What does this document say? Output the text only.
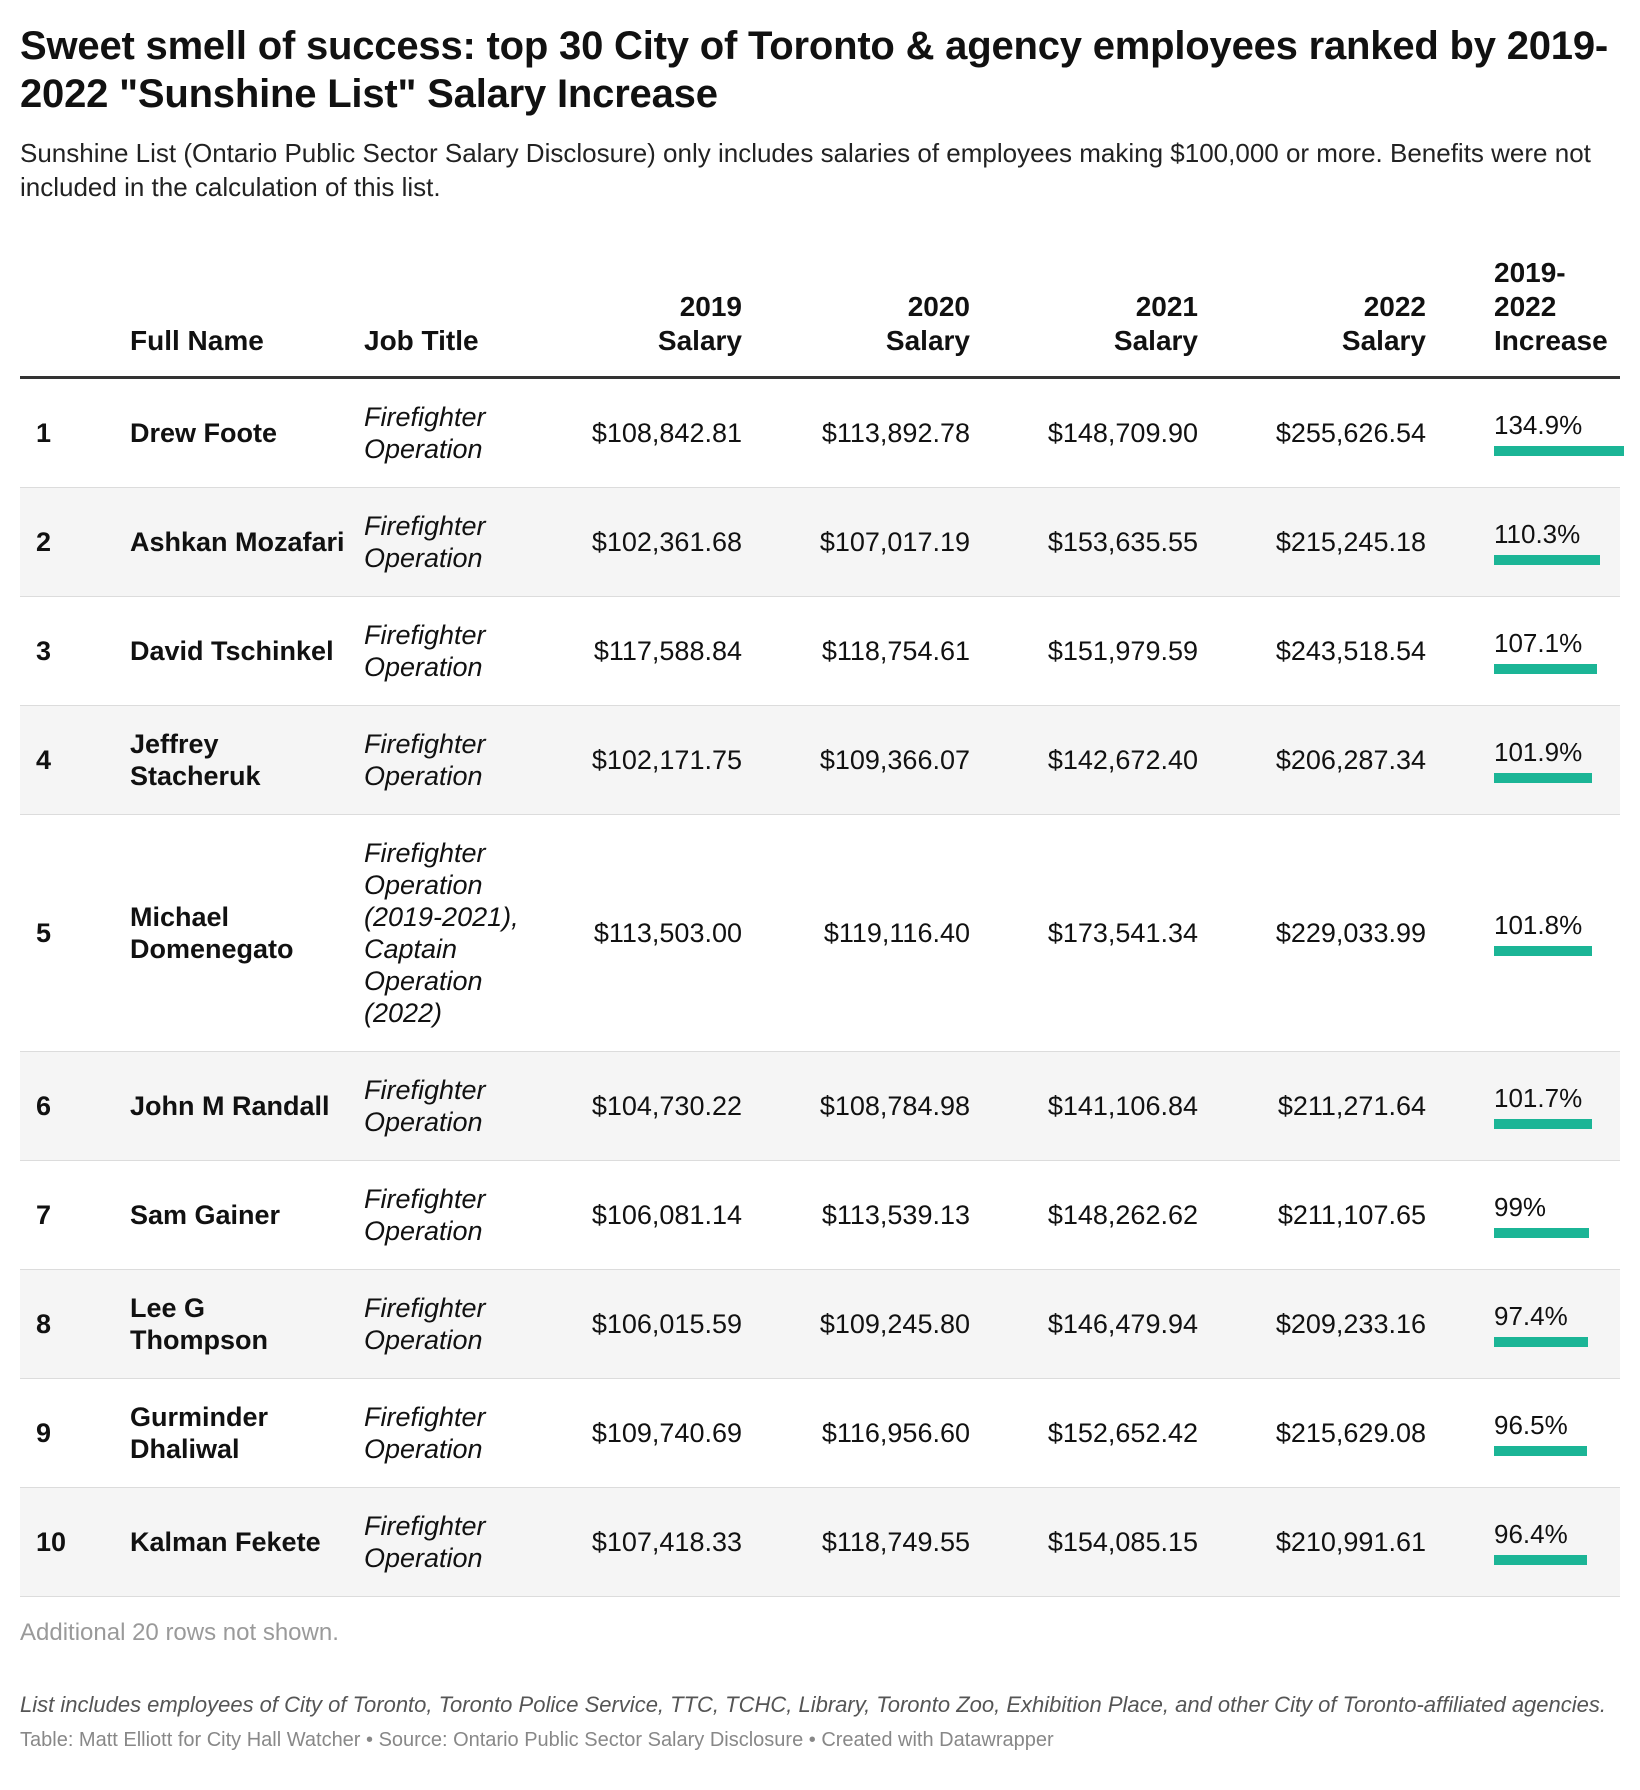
Sweet smell of success: top 30 City of Toronto & agency employees ranked by 2019-2022 "Sunshine List" Salary Increase

Sunshine List (Ontario Public Sector Salary Disclosure) only includes salaries of employees making $100,000 or more. Benefits were not included in the calculation of this list.

	Full Name	Job Title	2019 Salary	2020 Salary	2021 Salary	2022 Salary	2019-2022 Increase
1	Drew Foote	Firefighter Operation	$108,842.81	$113,892.78	$148,709.90	$255,626.54	134.9%

2	Ashkan Mozafari	Firefighter Operation	$102,361.68	$107,017.19	$153,635.55	$215,245.18	110.3%

3	David Tschinkel	Firefighter Operation	$117,588.84	$118,754.61	$151,979.59	$243,518.54	107.1%

4	Jeffrey Stacheruk	Firefighter Operation	$102,171.75	$109,366.07	$142,672.40	$206,287.34	101.9%

5	Michael Domenegato	Firefighter Operation (2019-2021), Captain Operation (2022)	$113,503.00	$119,116.40	$173,541.34	$229,033.99	101.8%

6	John M Randall	Firefighter Operation	$104,730.22	$108,784.98	$141,106.84	$211,271.64	101.7%

7	Sam Gainer	Firefighter Operation	$106,081.14	$113,539.13	$148,262.62	$211,107.65	99%

8	Lee G Thompson	Firefighter Operation	$106,015.59	$109,245.80	$146,479.94	$209,233.16	97.4%

9	Gurminder Dhaliwal	Firefighter Operation	$109,740.69	$116,956.60	$152,652.42	$215,629.08	96.5%

10	Kalman Fekete	Firefighter Operation	$107,418.33	$118,749.55	$154,085.15	$210,991.61	96.4%
Additional 20 rows not shown.
List includes employees of City of Toronto, Toronto Police Service, TTC, TCHC, Library, Toronto Zoo, Exhibition Place, and other City of Toronto-affiliated agencies.
Table: Matt Elliott for City Hall Watcher • Source: Ontario Public Sector Salary Disclosure • Created with Datawrapper
